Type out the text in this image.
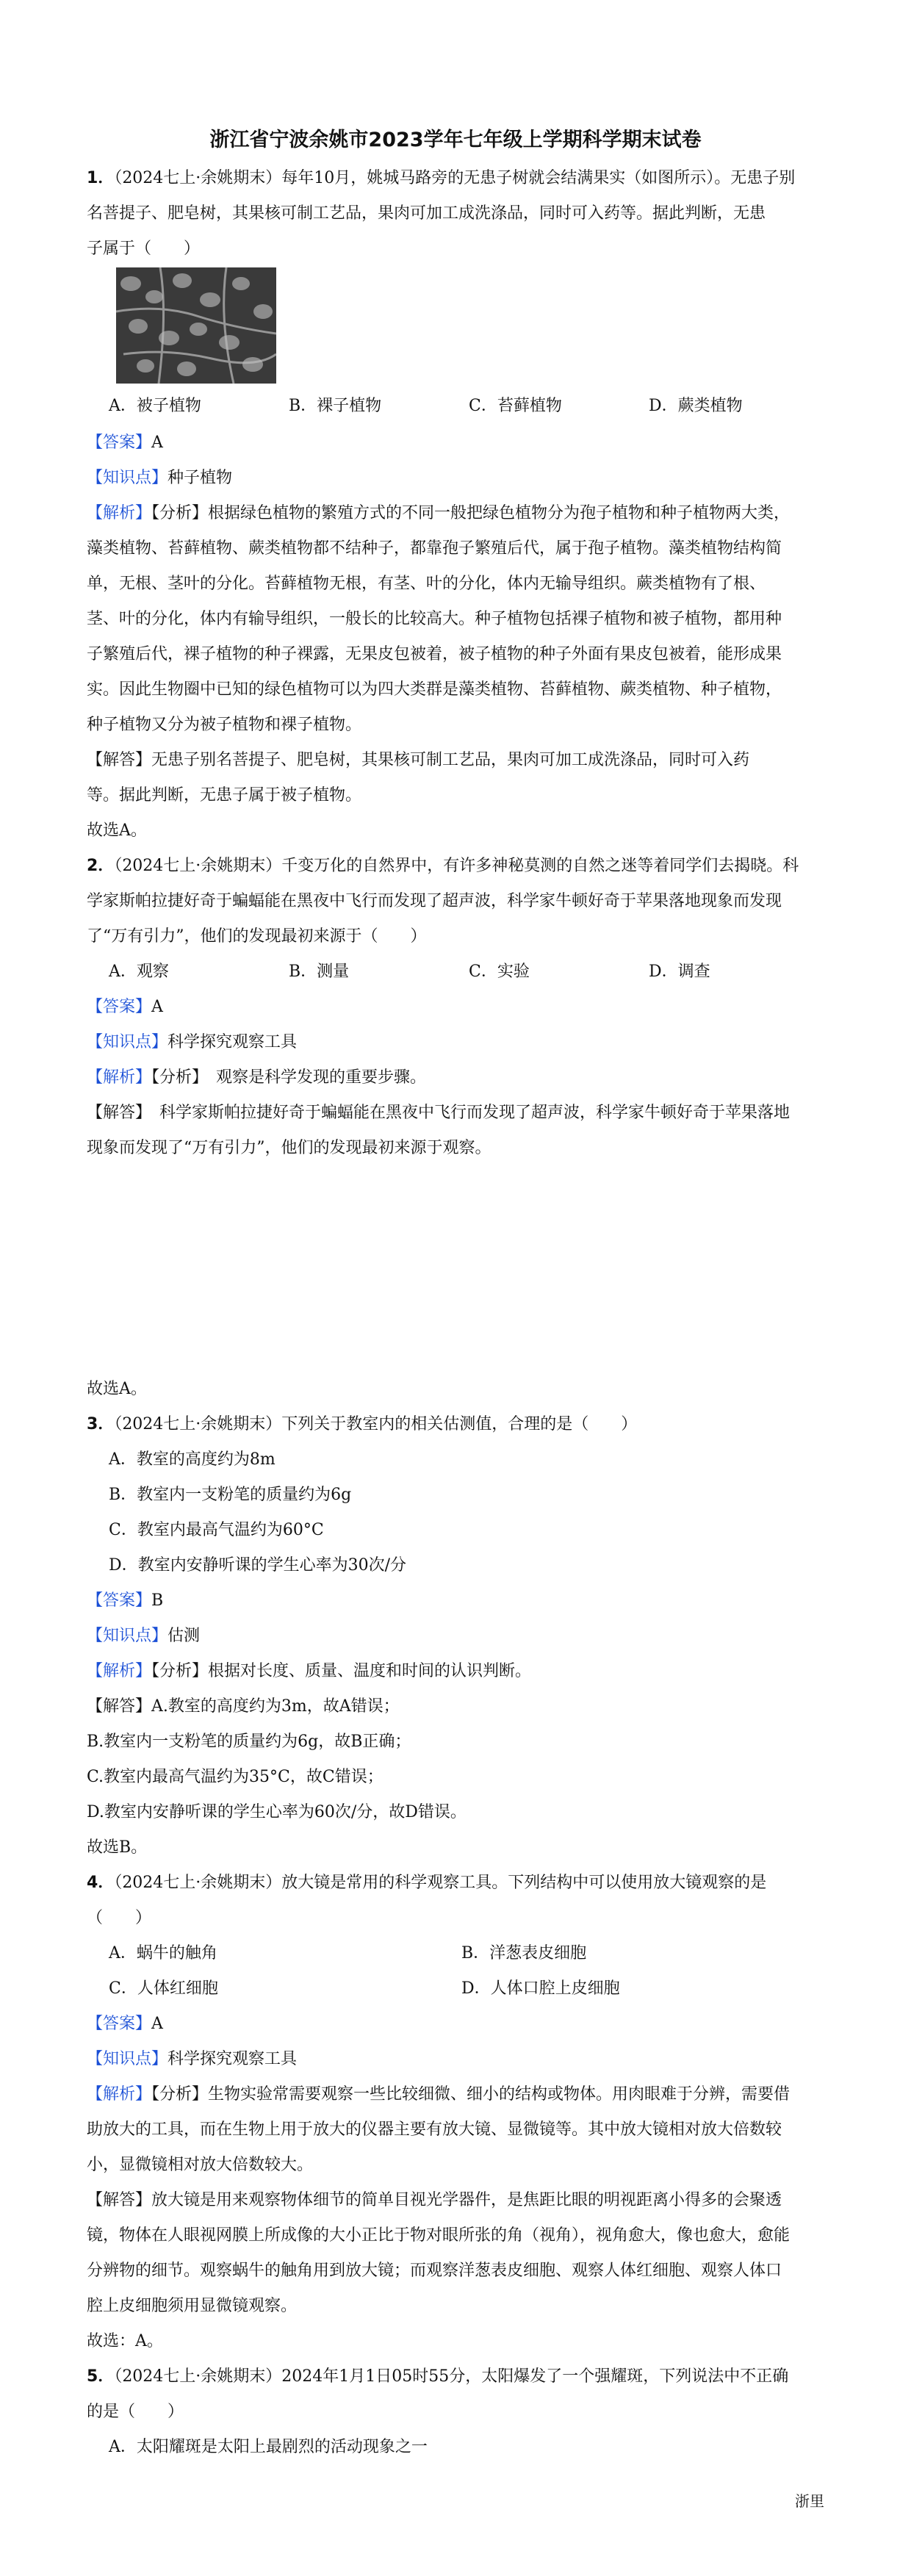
浙江省宁波余姚市2023学年七年级上学期科学期末试卷
1．（2024七上·余姚期末）每年10月，姚城马路旁的无患子树就会结满果实（如图所示）。无患子别
名菩提子、肥皂树，其果核可制工艺品，果肉可加工成洗涤品，同时可入药等。据此判断，无患
子属于（　　）
A．被子植物	B．裸子植物	C．苔藓植物	D．蕨类植物
【答案】A
【知识点】种子植物
【解析】【分析】根据绿色植物的繁殖方式的不同一般把绿色植物分为孢子植物和种子植物两大类，
藻类植物、苔藓植物、蕨类植物都不结种子，都靠孢子繁殖后代，属于孢子植物。藻类植物结构简
单，无根、茎叶的分化。苔藓植物无根，有茎、叶的分化，体内无输导组织。蕨类植物有了根、
茎、叶的分化，体内有输导组织，一般长的比较高大。种子植物包括裸子植物和被子植物，都用种
子繁殖后代，裸子植物的种子裸露，无果皮包被着，被子植物的种子外面有果皮包被着，能形成果
实。因此生物圈中已知的绿色植物可以为四大类群是藻类植物、苔藓植物、蕨类植物、种子植物，
种子植物又分为被子植物和裸子植物。
【解答】无患子别名菩提子、肥皂树，其果核可制工艺品，果肉可加工成洗涤品，同时可入药
等。据此判断，无患子属于被子植物。
故选A。
2．（2024七上·余姚期末）千变万化的自然界中，有许多神秘莫测的自然之迷等着同学们去揭晓。科
学家斯帕拉捷好奇于蝙蝠能在黑夜中飞行而发现了超声波，科学家牛顿好奇于苹果落地现象而发现
了“万有引力”，他们的发现最初来源于（　　）
A．观察	B．测量	C．实验	D．调查
【答案】A
【知识点】科学探究观察工具
【解析】【分析】　 观察是科学发现的重要步骤。
【解答】　 科学家斯帕拉捷好奇于蝙蝠能在黑夜中飞行而发现了超声波，科学家牛顿好奇于苹果落地
现象而发现了“万有引力”，他们的发现最初来源于观察。
故选A。
3．（2024七上·余姚期末）下列关于教室内的相关估测值，合理的是（　　）
A．教室的高度约为8m
B．教室内一支粉笔的质量约为6g
C．教室内最高气温约为60°C
D．教室内安静听课的学生心率为30次/分
【答案】B
【知识点】估测
【解析】【分析】根据对长度、质量、温度和时间的认识判断。
【解答】A.教室的高度约为3m，故A错误；
B.教室内一支粉笔的质量约为6g，故B正确；
C.教室内最高气温约为35°C，故C错误；
D.教室内安静听课的学生心率为60次/分，故D错误。
故选B。
4．（2024七上·余姚期末）放大镜是常用的科学观察工具。下列结构中可以使用放大镜观察的是
（　　）
A．蜗牛的触角	B．洋葱表皮细胞
C．人体红细胞	D．人体口腔上皮细胞
【答案】A
【知识点】科学探究观察工具
【解析】【分析】生物实验常需要观察一些比较细微、细小的结构或物体。用肉眼难于分辨，需要借
助放大的工具，而在生物上用于放大的仪器主要有放大镜、显微镜等。其中放大镜相对放大倍数较
小，显微镜相对放大倍数较大。
【解答】放大镜是用来观察物体细节的简单目视光学器件，是焦距比眼的明视距离小得多的会聚透
镜，物体在人眼视网膜上所成像的大小正比于物对眼所张的角（视角），视角愈大，像也愈大，愈能
分辨物的细节。观察蜗牛的触角用到放大镜；而观察洋葱表皮细胞、观察人体红细胞、观察人体口
腔上皮细胞须用显微镜观察。
故选：A。
5．（2024七上·余姚期末）2024年1月1日05时55分，太阳爆发了一个强耀斑，下列说法中不正确
的是（　　）
A．太阳耀斑是太阳上最剧烈的活动现象之一
浙里
